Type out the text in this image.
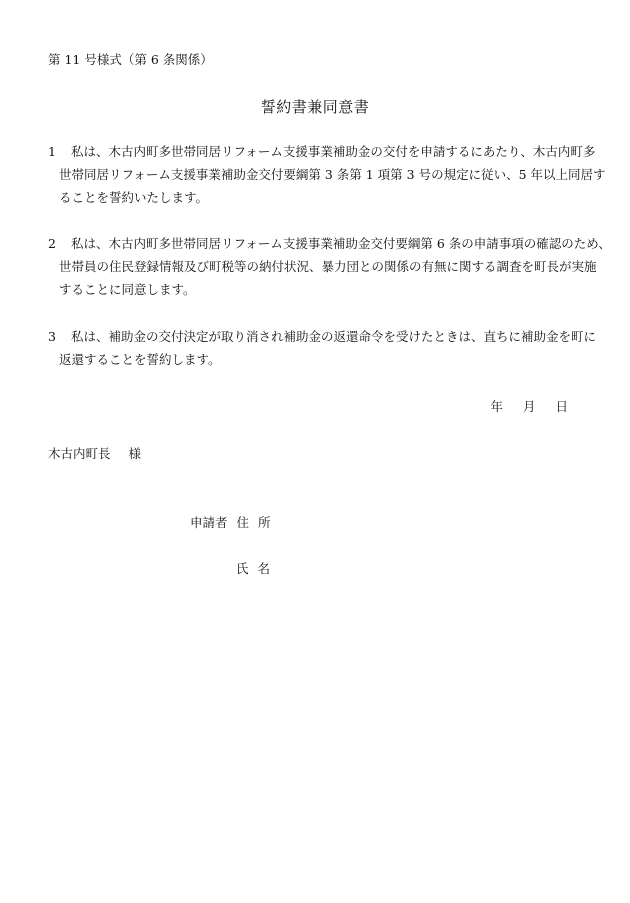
第 11 号様式（第 6 条関係）
誓約書兼同意書
1 私は、木古内町多世帯同居リフォーム支援事業補助金の交付を申請するにあたり、木古内町多
世帯同居リフォーム支援事業補助金交付要綱第 3 条第 1 項第 3 号の規定に従い、5 年以上同居す
ることを誓約いたします。
2 私は、木古内町多世帯同居リフォーム支援事業補助金交付要綱第 6 条の申請事項の確認のため、
世帯員の住民登録情報及び町税等の納付状況、暴力団との関係の有無に関する調査を町長が実施
することに同意します。
3 私は、補助金の交付決定が取り消され補助金の返還命令を受けたときは、直ちに補助金を町に
返還することを誓約します。
年 月 日
木古内町長 様
申請者 住 所
氏 名
